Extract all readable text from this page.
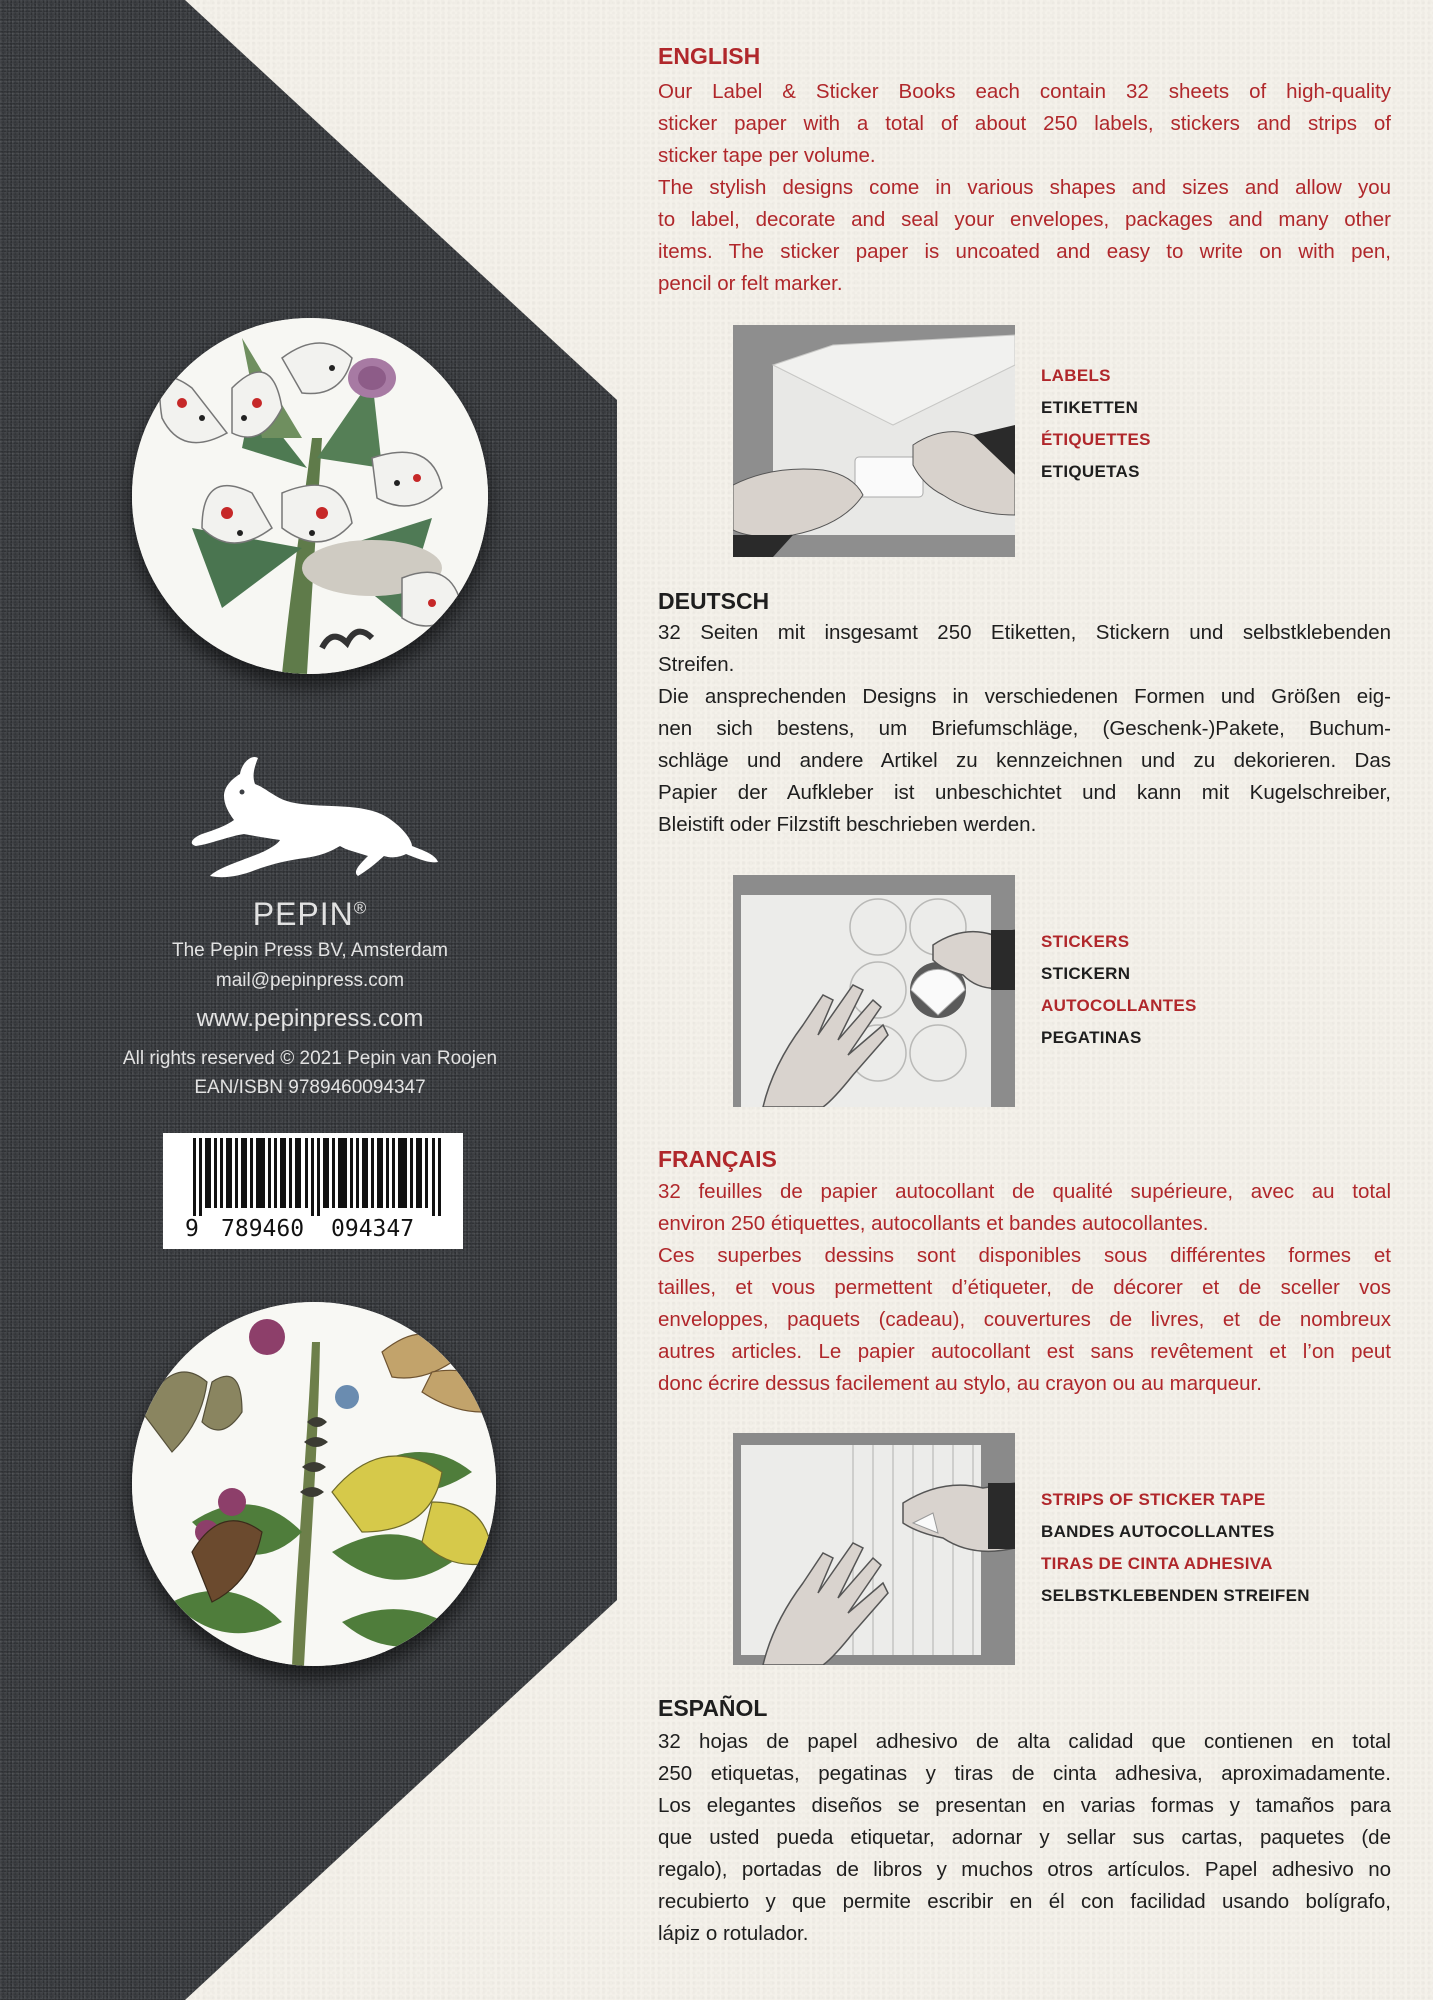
PEPIN®
The Pepin Press BV, Amsterdam
mail@pepinpress.com
www.pepinpress.com
All rights reserved © 2021 Pepin van Roojen
EAN/ISBN 9789460094347
9 789460 094347
ENGLISH
Our Label & Sticker Books each contain 32 sheets of high-quality
sticker paper with a total of about 250 labels, stickers and strips of
sticker tape per volume.
The stylish designs come in various shapes and sizes and allow you
to label, decorate and seal your envelopes, packages and many other
items. The sticker paper is uncoated and easy to write on with pen,
pencil or felt marker.
LABELS
ETIKETTEN
ÉTIQUETTES
ETIQUETAS
DEUTSCH
32 Seiten mit insgesamt 250 Etiketten, Stickern und selbstklebenden
Streifen.
Die ansprechenden Designs in verschiedenen Formen und Größen eig-
nen sich bestens, um Briefumschläge, (Geschenk-)Pakete, Buchum-
schläge und andere Artikel zu kennzeichnen und zu dekorieren. Das
Papier der Aufkleber ist unbeschichtet und kann mit Kugelschreiber,
Bleistift oder Filzstift beschrieben werden.
STICKERS
STICKERN
AUTOCOLLANTES
PEGATINAS
FRANÇAIS
32 feuilles de papier autocollant de qualité supérieure, avec au total
environ 250 étiquettes, autocollants et bandes autocollantes.
Ces superbes dessins sont disponibles sous différentes formes et
tailles, et vous permettent d’étiqueter, de décorer et de sceller vos
enveloppes, paquets (cadeau), couvertures de livres, et de nombreux
autres articles. Le papier autocollant est sans revêtement et l’on peut
donc écrire dessus facilement au stylo, au crayon ou au marqueur.
STRIPS OF STICKER TAPE
BANDES AUTOCOLLANTES
TIRAS DE CINTA ADHESIVA
SELBSTKLEBENDEN STREIFEN
ESPAÑOL
32 hojas de papel adhesivo de alta calidad que contienen en total
250 etiquetas, pegatinas y tiras de cinta adhesiva, aproximadamente.
Los elegantes diseños se presentan en varias formas y tamaños para
que usted pueda etiquetar, adornar y sellar sus cartas, paquetes (de
regalo), portadas de libros y muchos otros artículos. Papel adhesivo no
recubierto y que permite escribir en él con facilidad usando bolígrafo,
lápiz o rotulador.
